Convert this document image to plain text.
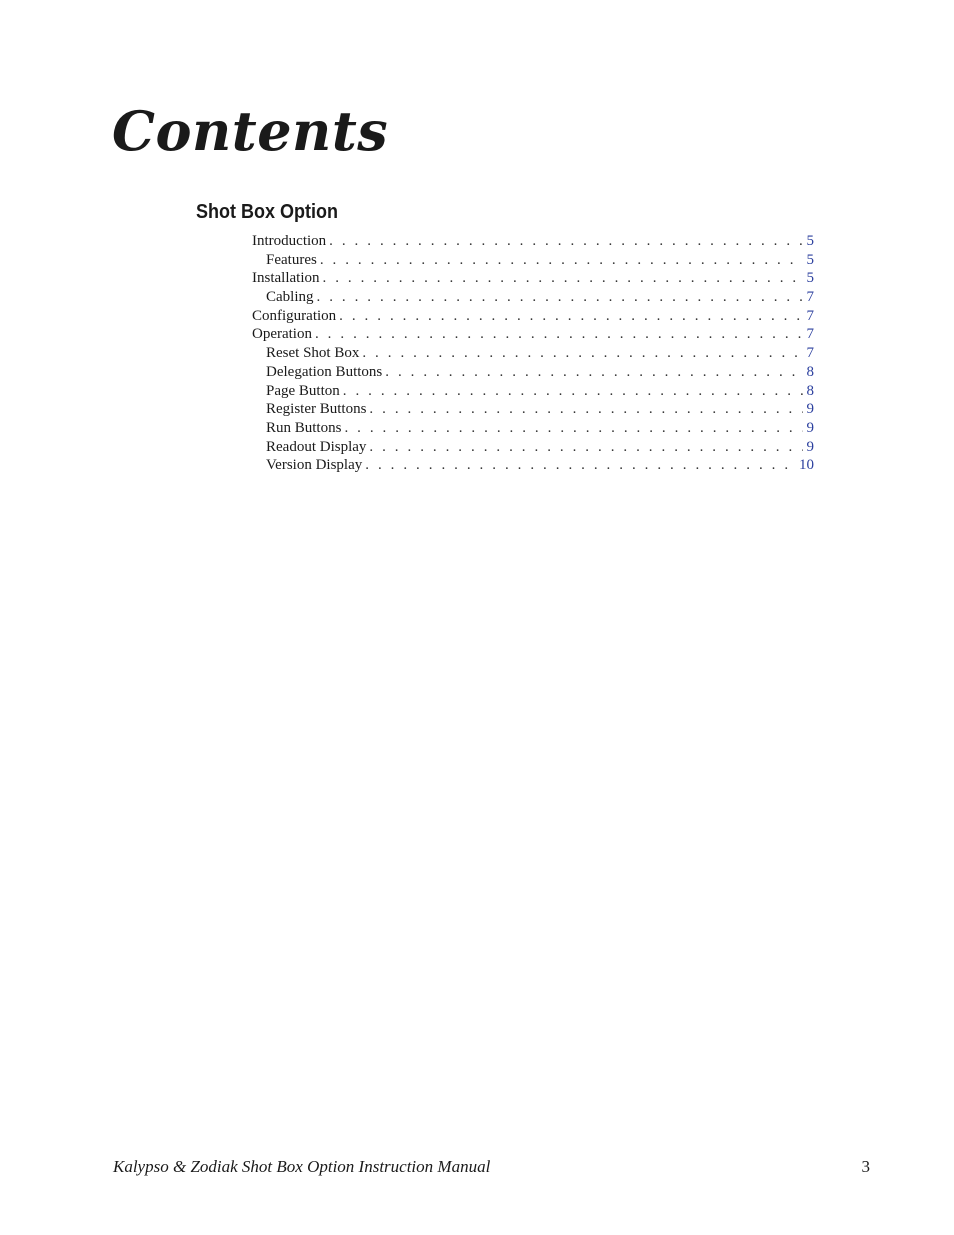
Contents
Shot Box Option
Introduction . . .	5
Features . . .	5
Installation . . .	5
Cabling . . .	7
Configuration . . .	7
Operation . . .	7
Reset Shot Box . . .	7
Delegation Buttons . . .	8
Page Button . . .	8
Register Buttons . . .	9
Run Buttons . . .	9
Readout Display . . .	9
Version Display . . .	10
Kalypso & Zodiak Shot Box Option Instruction Manual	3
